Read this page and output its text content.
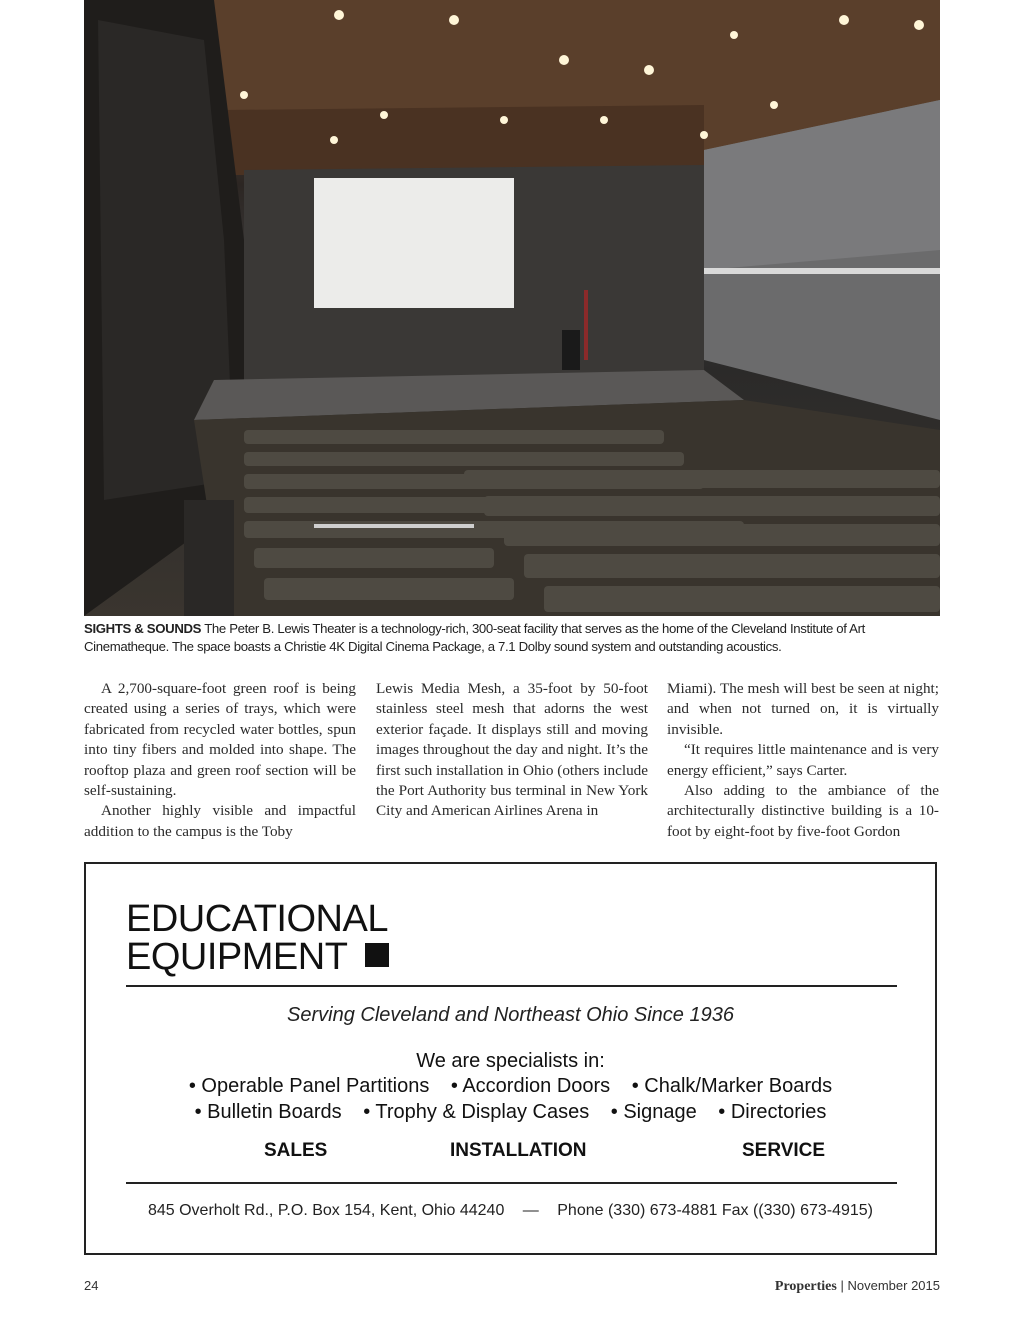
SIGHTS & SOUNDS The Peter B. Lewis Theater is a technology-rich, 300-seat facility that serves as the home of the Cleveland Institute of Art Cinematheque. The space boasts a Christie 4K Digital Cinema Package, a 7.1 Dolby sound system and outstanding acoustics.

A 2,700-square-foot green roof is being created using a series of trays, which were fabricated from recycled water bottles, spun into tiny fibers and molded into shape. The rooftop plaza and green roof section will be self-sustaining.

Another highly visible and impactful addition to the campus is the Toby

Lewis Media Mesh, a 35-foot by 50-foot stainless steel mesh that adorns the west exterior façade. It displays still and moving images throughout the day and night. It’s the first such installation in Ohio (others include the Port Authority bus terminal in New York City and American Airlines Arena in

Miami). The mesh will best be seen at night; and when not turned on, it is virtually invisible.

“It requires little maintenance and is very energy efficient,” says Carter.

Also adding to the ambiance of the architecturally distinctive building is a 10-foot by eight-foot by five-foot Gordon

EDUCATIONAL
EQUIPMENT
Serving Cleveland and Northeast Ohio Since 1936
We are specialists in:
• Operable Panel Partitions • Accordion Doors • Chalk/Marker Boards
• Bulletin Boards • Trophy & Display Cases • Signage • Directories
SALES	INSTALLATION	SERVICE
845 Overholt Rd., P.O. Box 154, Kent, Ohio 44240 — Phone (330) 673-4881 Fax ((330) 673-4915)
24	Properties | November 2015
